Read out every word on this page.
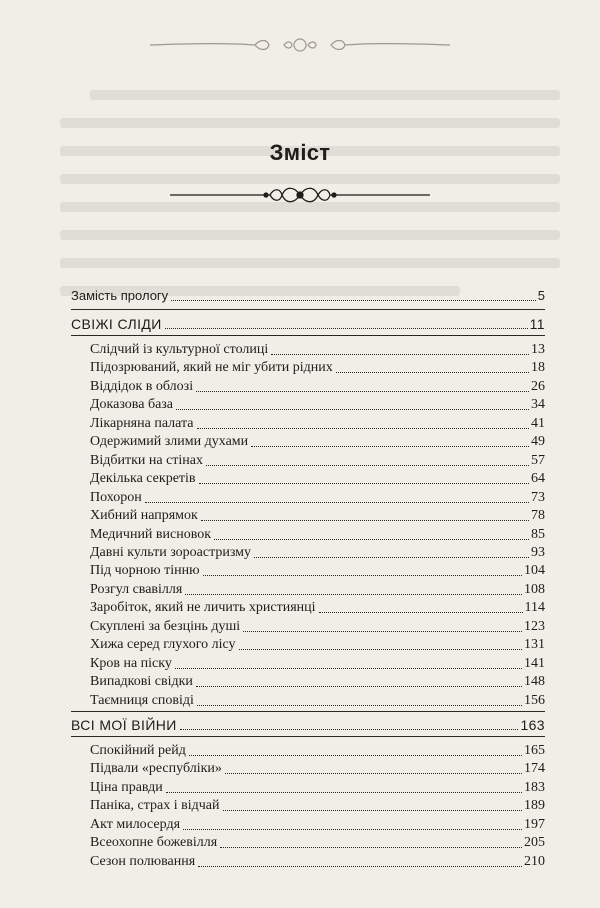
Зміст
Замість прологу	5
СВІЖІ СЛІДИ	11
Слідчий із культурної столиці	13
Підозрюваний, який не міг убити рідних	18
Віддідок в облозі	26
Доказова база	34
Лікарняна палата	41
Одержимий злими духами	49
Відбитки на стінах	57
Декілька секретів	64
Похорон	73
Хибний напрямок	78
Медичний висновок	85
Давні культи зороастризму	93
Під чорною тінню	104
Розгул свавілля	108
Заробіток, який не личить християнці	114
Скуплені за безцінь душі	123
Хижа серед глухого лісу	131
Кров на піску	141
Випадкові свідки	148
Таємниця сповіді	156
ВСІ МОЇ ВІЙНИ	163
Спокійний рейд	165
Підвали «республіки»	174
Ціна правди	183
Паніка, страх і відчай	189
Акт милосердя	197
Всеохопне божевілля	205
Сезон полювання	210
